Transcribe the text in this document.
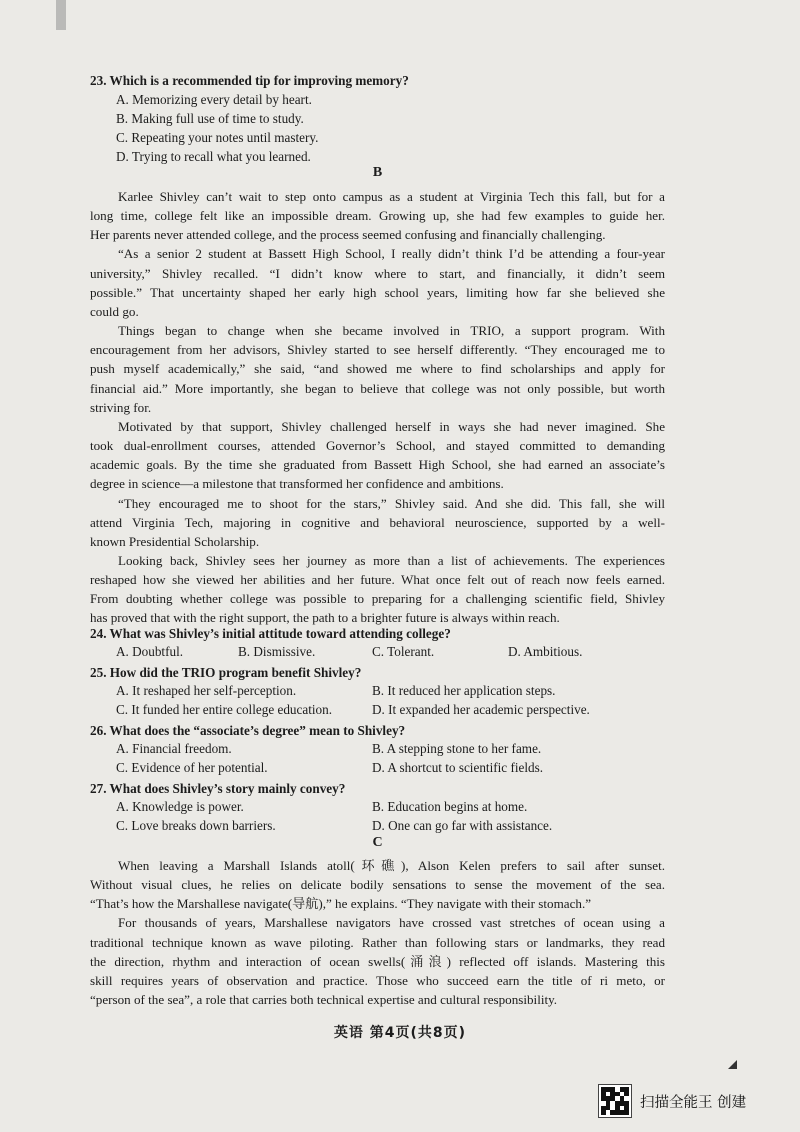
23. Which is a recommended tip for improving memory?
A. Memorizing every detail by heart.
B. Making full use of time to study.
C. Repeating your notes until mastery.
D. Trying to recall what you learned.
B
Karlee Shivley can’t wait to step onto campus as a student at Virginia Tech this fall, but for a
long time, college felt like an impossible dream. Growing up, she had few examples to guide her.
Her parents never attended college, and the process seemed confusing and financially challenging.
“As a senior 2 student at Bassett High School, I really didn’t think I’d be attending a four-year
university,” Shivley recalled. “I didn’t know where to start, and financially, it didn’t seem
possible.” That uncertainty shaped her early high school years, limiting how far she believed she
could go.
Things began to change when she became involved in TRIO, a support program. With
encouragement from her advisors, Shivley started to see herself differently. “They encouraged me to
push myself academically,” she said, “and showed me where to find scholarships and apply for
financial aid.” More importantly, she began to believe that college was not only possible, but worth
striving for.
Motivated by that support, Shivley challenged herself in ways she had never imagined. She
took dual-enrollment courses, attended Governor’s School, and stayed committed to demanding
academic goals. By the time she graduated from Bassett High School, she had earned an associate’s
degree in science—a milestone that transformed her confidence and ambitions.
“They encouraged me to shoot for the stars,” Shivley said. And she did. This fall, she will
attend Virginia Tech, majoring in cognitive and behavioral neuroscience, supported by a well-
known Presidential Scholarship.
Looking back, Shivley sees her journey as more than a list of achievements. The experiences
reshaped how she viewed her abilities and her future. What once felt out of reach now feels earned.
From doubting whether college was possible to preparing for a challenging scientific field, Shivley
has proved that with the right support, the path to a brighter future is always within reach.
24. What was Shivley’s initial attitude toward attending college?
A. Doubtful.	B. Dismissive.	C. Tolerant.	D. Ambitious.
25. How did the TRIO program benefit Shivley?
A. It reshaped her self-perception.	B. It reduced her application steps.
C. It funded her entire college education.	D. It expanded her academic perspective.
26. What does the “associate’s degree” mean to Shivley?
A. Financial freedom.	B. A stepping stone to her fame.
C. Evidence of her potential.	D. A shortcut to scientific fields.
27. What does Shivley’s story mainly convey?
A. Knowledge is power.	B. Education begins at home.
C. Love breaks down barriers.	D. One can go far with assistance.
C
When leaving a Marshall Islands atoll(环礁), Alson Kelen prefers to sail after sunset.
Without visual clues, he relies on delicate bodily sensations to sense the movement of the sea.
“That’s how the Marshallese navigate(导航),” he explains. “They navigate with their stomach.”
For thousands of years, Marshallese navigators have crossed vast stretches of ocean using a
traditional technique known as wave piloting. Rather than following stars or landmarks, they read
the direction, rhythm and interaction of ocean swells(涌浪) reflected off islands. Mastering this
skill requires years of observation and practice. Those who succeed earn the title of ri meto, or
“person of the sea”, a role that carries both technical expertise and cultural responsibility.
英语 第4页(共8页)
扫描全能王 创建
